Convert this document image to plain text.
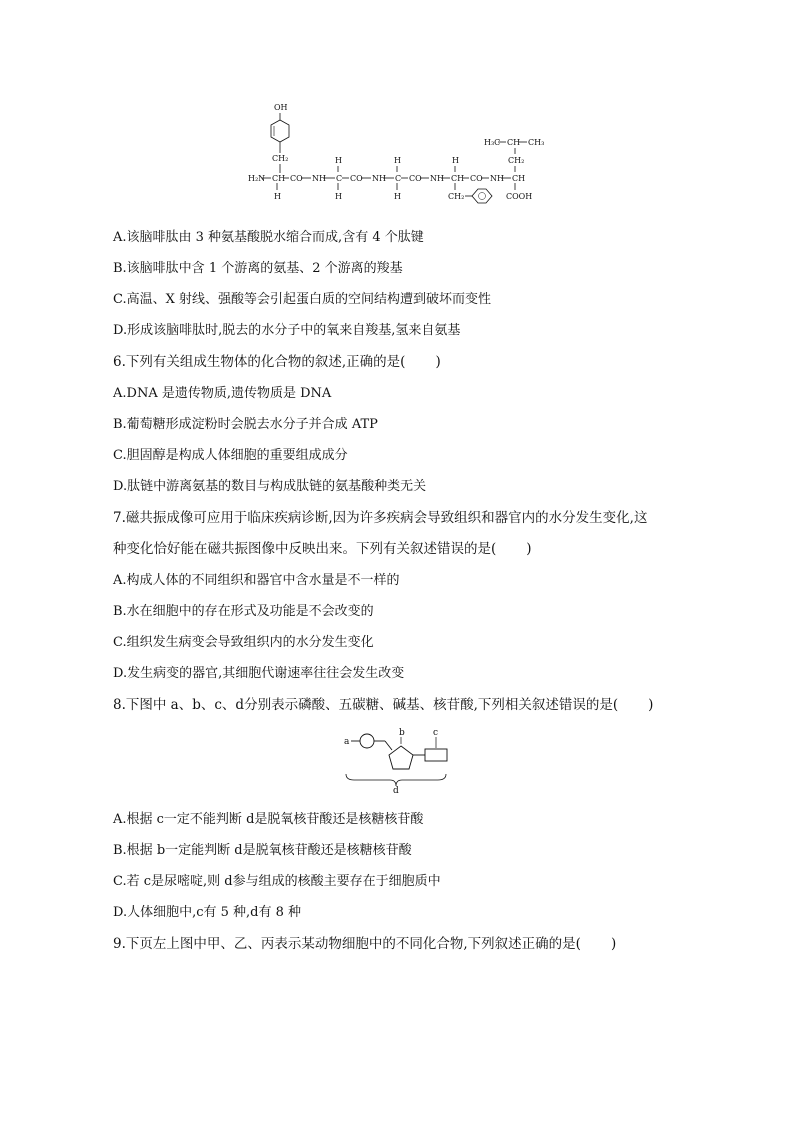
OH
CH₂
H₂N CH CO NH C CO NH C CO NH CH CO NH CH
H
H
H
H
H
H
CH₂
H₃C CH CH₃
CH₂
COOH
A.该脑啡肽由 3 种氨基酸脱水缩合而成,含有 4 个肽键
B.该脑啡肽中含 1 个游离的氨基、2 个游离的羧基
C.高温、X 射线、强酸等会引起蛋白质的空间结构遭到破坏而变性
D.形成该脑啡肽时,脱去的水分子中的氧来自羧基,氢来自氨基
6.下列有关组成生物体的化合物的叙述,正确的是( )
A.DNA 是遗传物质,遗传物质是 DNA
B.葡萄糖形成淀粉时会脱去水分子并合成 ATP
C.胆固醇是构成人体细胞的重要组成成分
D.肽链中游离氨基的数目与构成肽链的氨基酸种类无关
7.磁共振成像可应用于临床疾病诊断,因为许多疾病会导致组织和器官内的水分发生变化,这
种变化恰好能在磁共振图像中反映出来。下列有关叙述错误的是( )
A.构成人体的不同组织和器官中含水量是不一样的
B.水在细胞中的存在形式及功能是不会改变的
C.组织发生病变会导致组织内的水分发生变化
D.发生病变的器官,其细胞代谢速率往往会发生改变
8.下图中 a、b、c、d分别表示磷酸、五碳糖、碱基、核苷酸,下列相关叙述错误的是( )
a
b	c
d
A.根据 c一定不能判断 d是脱氧核苷酸还是核糖核苷酸
B.根据 b一定能判断 d是脱氧核苷酸还是核糖核苷酸
C.若 c是尿嘧啶,则 d参与组成的核酸主要存在于细胞质中
D.人体细胞中,c有 5 种,d有 8 种
9.下页左上图中甲、乙、丙表示某动物细胞中的不同化合物,下列叙述正确的是( )
